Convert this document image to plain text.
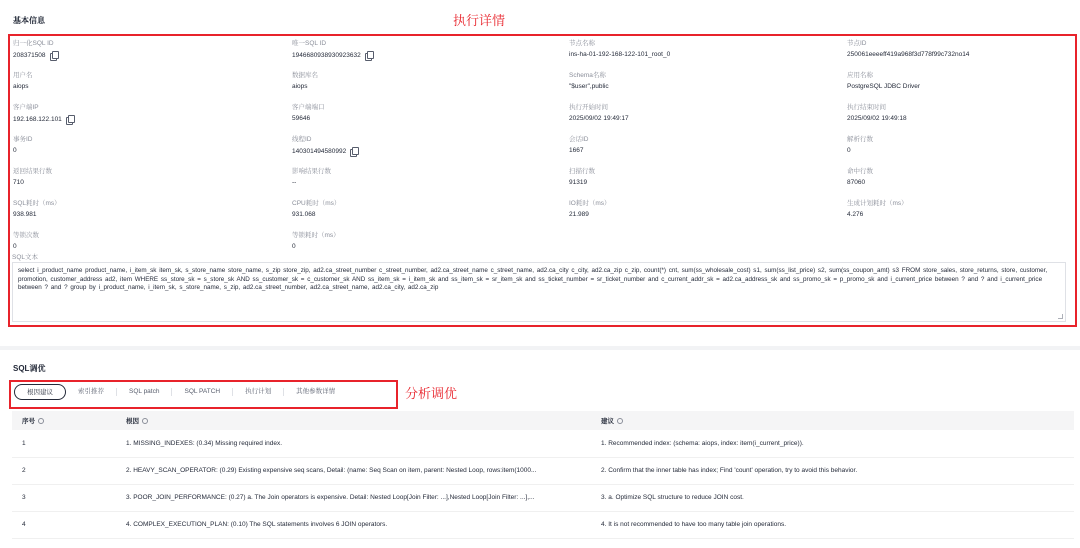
基本信息	执行详情
归一化SQL ID
208371508
唯一SQL ID
1946680938930923632
节点名称
ins-ha-01-192-168-122-101_root_0
节点ID
250061eeeeff419a968f3d778f99c732no14
用户名
aiops
数据库名
aiops
Schema名称
"$user",public
应用名称
PostgreSQL JDBC Driver
客户端IP
192.168.122.101
客户端端口
59646
执行开始时间
2025/09/02 19:49:17
执行结束时间
2025/09/02 19:49:18
事务ID
0
线程ID
140301494580992
会话ID
1667
解析行数
0
返回结果行数
710
影响结果行数
--
扫描行数
91319
命中行数
87060
SQL耗时（ms）
938.981
CPU耗时（ms）
931.068
IO耗时（ms）
21.989
生成计划耗时（ms）
4.276
等锁次数
0
等锁耗时（ms）
0
SQL文本
select i_product_name product_name, i_item_sk item_sk, s_store_name store_name, s_zip store_zip, ad2.ca_street_number c_street_number, ad2.ca_street_name c_street_name, ad2.ca_city c_city, ad2.ca_zip c_zip, count(*) cnt, sum(ss_wholesale_cost) s1, sum(ss_list_price) s2, sum(ss_coupon_amt) s3 FROM store_sales, store_returns, store, customer, promotion, customer_address ad2, item WHERE ss_store_sk = s_store_sk AND ss_customer_sk = c_customer_sk AND ss_item_sk = i_item_sk and ss_item_sk = sr_item_sk and ss_ticket_number = sr_ticket_number and c_current_addr_sk = ad2.ca_address_sk and ss_promo_sk = p_promo_sk and i_current_price between ? and ? and i_current_price between ? and ? group by i_product_name, i_item_sk, s_store_name, s_zip, ad2.ca_street_number, ad2.ca_street_name, ad2.ca_city, ad2.ca_zip
SQL调优
分析调优
根因建议	索引推荐	SQL patch	SQL PATCH	执行计划	其他参数详情
序号	根因	建议
1	1. MISSING_INDEXES: (0.34) Missing required index.	1. Recommended index: (schema: aiops, index: item(i_current_price)).
2	2. HEAVY_SCAN_OPERATOR: (0.29) Existing expensive seq scans, Detail: (name: Seq Scan on item, parent: Nested Loop, rows:item(1000...	2. Confirm that the inner table has index; Find 'count' operation, try to avoid this behavior.
3	3. POOR_JOIN_PERFORMANCE: (0.27) a. The Join operators is expensive. Detail: Nested Loop[Join Filter: ...],Nested Loop[Join Filter: ...],...	3. a. Optimize SQL structure to reduce JOIN cost.
4	4. COMPLEX_EXECUTION_PLAN: (0.10) The SQL statements involves 6 JOIN operators.	4. It is not recommended to have too many table join operations.
